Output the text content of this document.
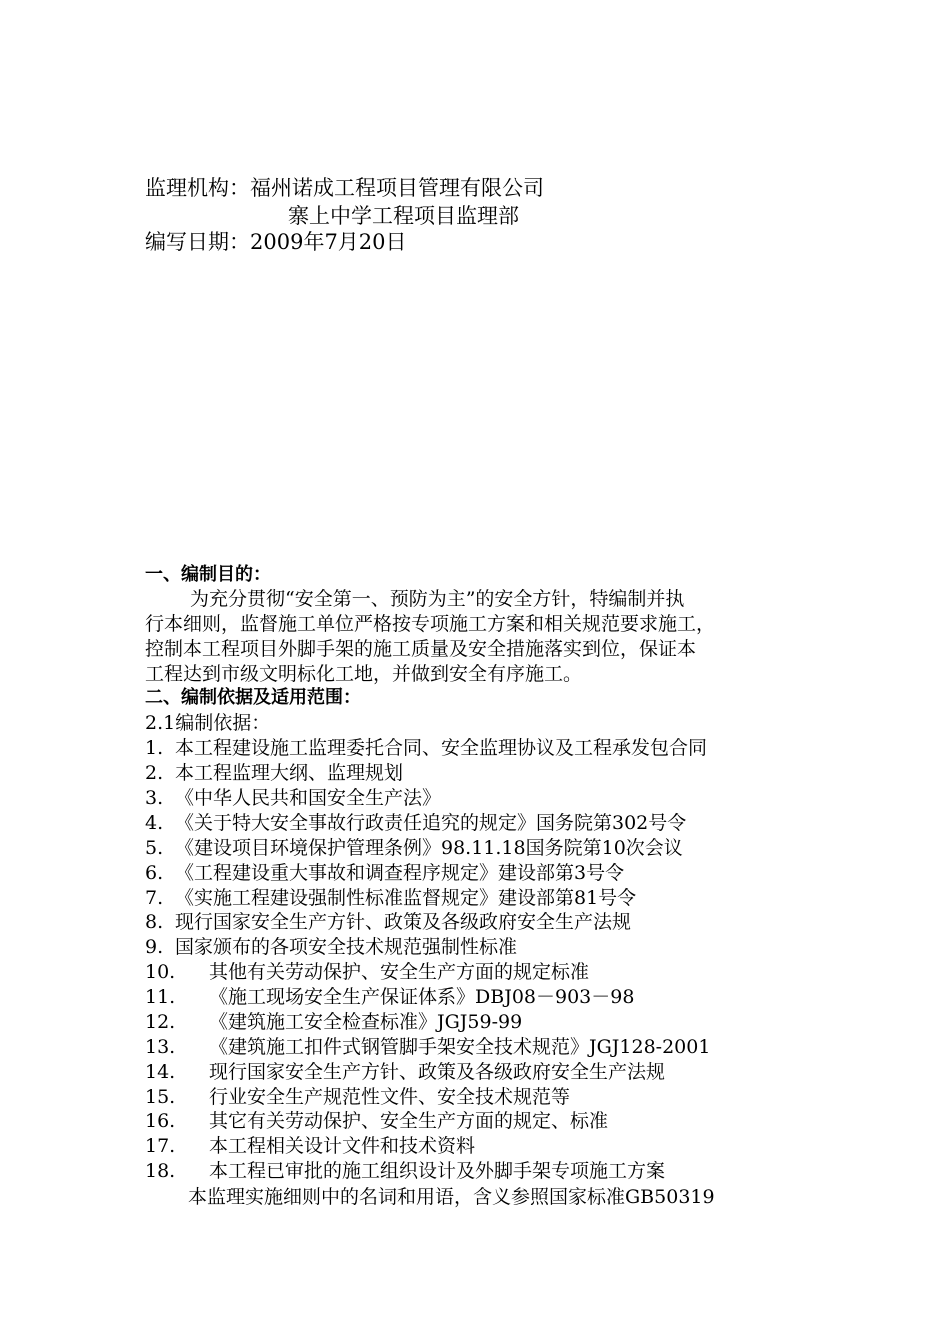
监理机构：福州诺成工程项目管理有限公司
寨上中学工程项目监理部
编写日期：2009年7月20日
一、编制目的：
为充分贯彻“安全第一、预防为主”的安全方针，特编制并执
行本细则，监督施工单位严格按专项施工方案和相关规范要求施工，
控制本工程项目外脚手架的施工质量及安全措施落实到位，保证本
工程达到市级文明标化工地，并做到安全有序施工。
二、编制依据及适用范围：
2.1编制依据：
1. 本工程建设施工监理委托合同、安全监理协议及工程承发包合同
2. 本工程监理大纲、监理规划
3. 《中华人民共和国安全生产法》
4. 《关于特大安全事故行政责任追究的规定》国务院第302号令
5. 《建设项目环境保护管理条例》98.11.18国务院第10次会议
6. 《工程建设重大事故和调查程序规定》建设部第3号令
7. 《实施工程建设强制性标准监督规定》建设部第81号令
8. 现行国家安全生产方针、政策及各级政府安全生产法规
9. 国家颁布的各项安全技术规范强制性标准
10. 其他有关劳动保护、安全生产方面的规定标准
11. 《施工现场安全生产保证体系》DBJ08－903－98
12. 《建筑施工安全检查标准》JGJ59-99
13. 《建筑施工扣件式钢管脚手架安全技术规范》JGJ128-2001
14. 现行国家安全生产方针、政策及各级政府安全生产法规
15. 行业安全生产规范性文件、安全技术规范等
16. 其它有关劳动保护、安全生产方面的规定、标准
17. 本工程相关设计文件和技术资料
18. 本工程已审批的施工组织设计及外脚手架专项施工方案
本监理实施细则中的名词和用语，含义参照国家标准GB50319
